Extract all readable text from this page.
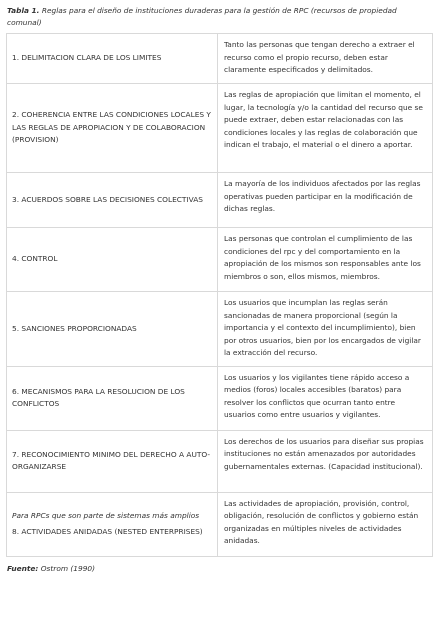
Tabla 1. Reglas para el diseño de instituciones duraderas para la gestión de RPC (recursos de propiedad comunal)
1. DELIMITACION CLARA DE LOS LIMITES	Tanto las personas que tengan derecho a extraer el recurso como el propio recurso, deben estar claramente especificados y delimitados.
2. COHERENCIA ENTRE LAS CONDICIONES LOCALES Y LAS REGLAS DE APROPIACION Y DE COLABORACION (PROVISION)	Las reglas de apropiación que limitan el momento, el lugar, la tecnología y/o la cantidad del recurso que se puede extraer, deben estar relacionadas con las condiciones locales y las reglas de colaboración que indican el trabajo, el material o el dinero a aportar.
3. ACUERDOS SOBRE LAS DECISIONES COLECTIVAS	La mayoría de los individuos afectados por las reglas operativas pueden participar en la modificación de dichas reglas.
4. CONTROL	Las personas que controlan el cumplimiento de las condiciones del rpc y del comportamiento en la apropiación de los mismos son responsables ante los miembros o son, ellos mismos, miembros.
5. SANCIONES PROPORCIONADAS	Los usuarios que incumplan las reglas serán sancionadas de manera proporcional (según la importancia y el contexto del incumplimiento), bien por otros usuarios, bien por los encargados de vigilar la extracción del recurso.
6. MECANISMOS PARA LA RESOLUCION DE LOS CONFLICTOS	Los usuarios y los vigilantes tiene rápido acceso a medios (foros) locales accesibles (baratos) para resolver los conflictos que ocurran tanto entre usuarios como entre usuarios y vigilantes.
7. RECONOCIMIENTO MINIMO DEL DERECHO A AUTO-ORGANIZARSE	Los derechos de los usuarios para diseñar sus propias instituciones no están amenazados por autoridades gubernamentales externas. (Capacidad institucional).

Para RPCs que son parte de sistemas más amplios
8. ACTIVIDADES ANIDADAS (NESTED ENTERPRISES)	Las actividades de apropiación, provisión, control, obligación, resolución de conflictos y gobierno están organizadas en múltiples niveles de actividades anidadas.
Fuente: Ostrom (1990)
